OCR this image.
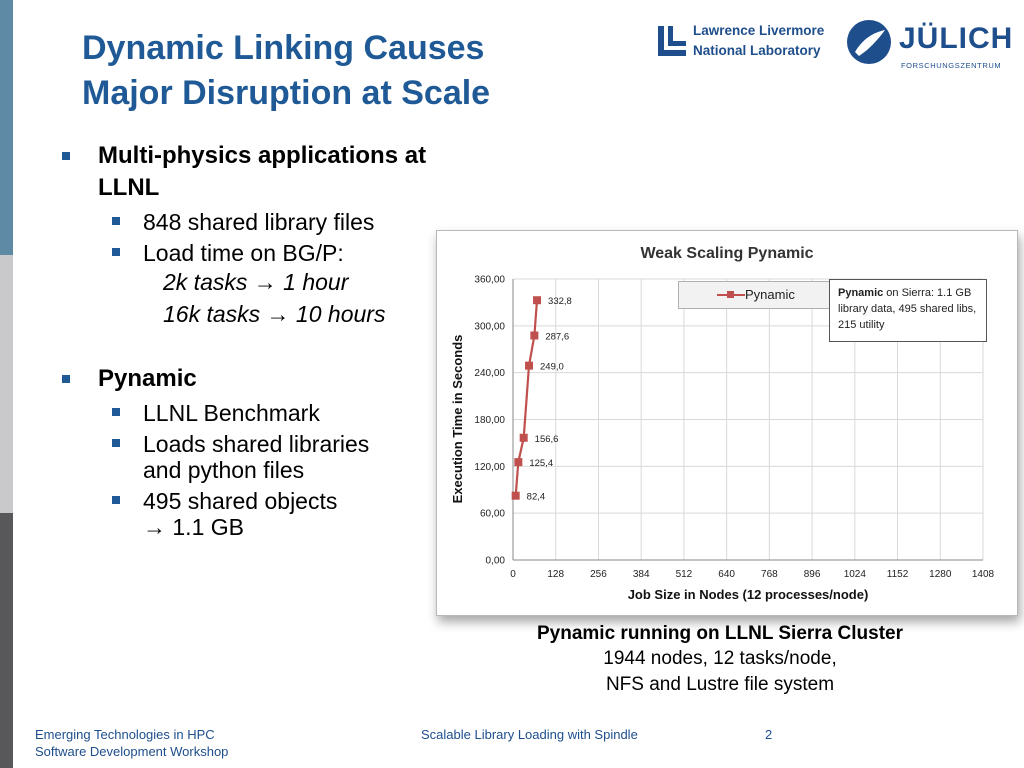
Dynamic Linking Causes
Major Disruption at Scale
Lawrence Livermore
National Laboratory	JÜLICH
FORSCHUNGSZENTRUM
Multi-physics applications at LLNL
848 shared library files
Load time on BG/P:
2k tasks → 1 hour
16k tasks → 10 hours
Pynamic
LLNL Benchmark
Loads shared libraries
and python files
495 shared objects
→ 1.1 GB
Weak Scaling Pynamic
Execution Time in Seconds
Job Size in Nodes (12 processes/node)
0	128	256	384	512	640	768	896 1024 1152 1280 1408
0,00
60,00
120,00
180,00
240,00
300,00
360,00
82,4
125,4
156,6
249,0
287,6
332,8	Pynamic	Pynamic on Sierra: 1.1 GB library data, 495 shared libs, 215 utility
Pynamic running on LLNL Sierra Cluster
1944 nodes, 12 tasks/node,
NFS and Lustre file system
Emerging Technologies in HPC
Software Development Workshop
Scalable Library Loading with Spindle	2
